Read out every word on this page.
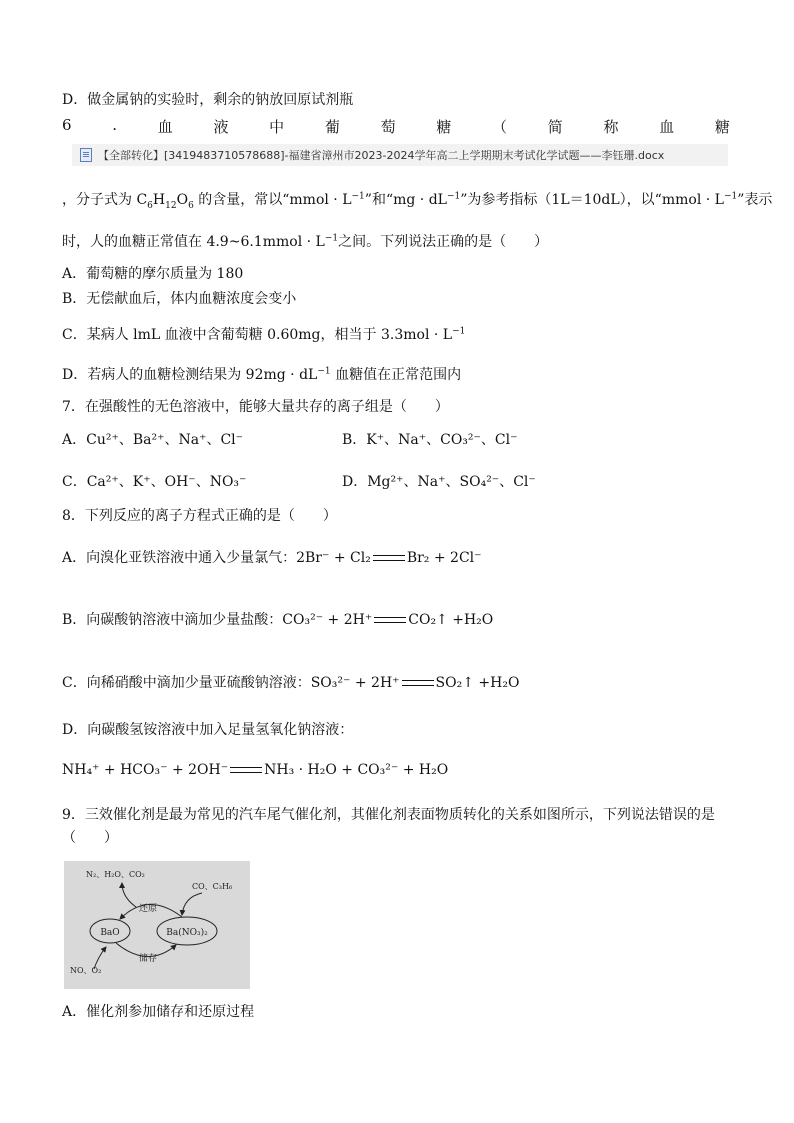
D．做金属钠的实验时，剩余的钠放回原试剂瓶
6	.	血	液	中	葡	萄	糖	（	简	称	血	糖
【全部转化】[3419483710578688]-福建省漳州市2023-2024学年高二上学期期末考试化学试题——李钰珊.docx
，分子式为 $C_6H_{12}O_6$ 的含量，常以“mmol · $L^{-1}$”和“mg · $dL^{-1}$”为参考指标（1L＝10dL），以“mmol · $L^{-1}$”表示
时，人的血糖正常值在 4.9~6.1mmol · $L^{-1}$之间。下列说法正确的是（　　）
A．葡萄糖的摩尔质量为 180
B．无偿献血后，体内血糖浓度会变小
C．某病人 lmL 血液中含葡萄糖 0.60mg，相当于 $3.3mol \cdot L^{-1}$
D．若病人的血糖检测结果为 $92mg \cdot dL^{-1}$ 血糖值在正常范围内
7．在强酸性的无色溶液中，能够大量共存的离子组是（　　）
A．Cu²⁺、Ba²⁺、Na⁺、Cl⁻	B．K⁺、Na⁺、CO₃²⁻、Cl⁻
C．Ca²⁺、K⁺、OH⁻、NO₃⁻	D．Mg²⁺、Na⁺、SO₄²⁻、Cl⁻
8．下列反应的离子方程式正确的是（　　）
A．向溴化亚铁溶液中通入少量氯气：2Br⁻ + Cl₂	Br₂ + 2Cl⁻
B．向碳酸钠溶液中滴加少量盐酸：CO₃²⁻ + 2H⁺	CO₂↑ +H₂O
C．向稀硝酸中滴加少量亚硫酸钠溶液：SO₃²⁻ + 2H⁺	SO₂↑ +H₂O
D．向碳酸氢铵溶液中加入足量氢氧化钠溶液：
NH₄⁺ + HCO₃⁻ + 2OH⁻	NH₃ · H₂O + CO₃²⁻ + H₂O
9．三效催化剂是最为常见的汽车尾气催化剂，其催化剂表面物质转化的关系如图所示，下列说法错误的是
（　　）
BaO	Ba(NO₃)₂
还原
储存
N₂、H₂O、CO₂
CO、C₃H₆
NO、O₂
A．催化剂参加储存和还原过程
